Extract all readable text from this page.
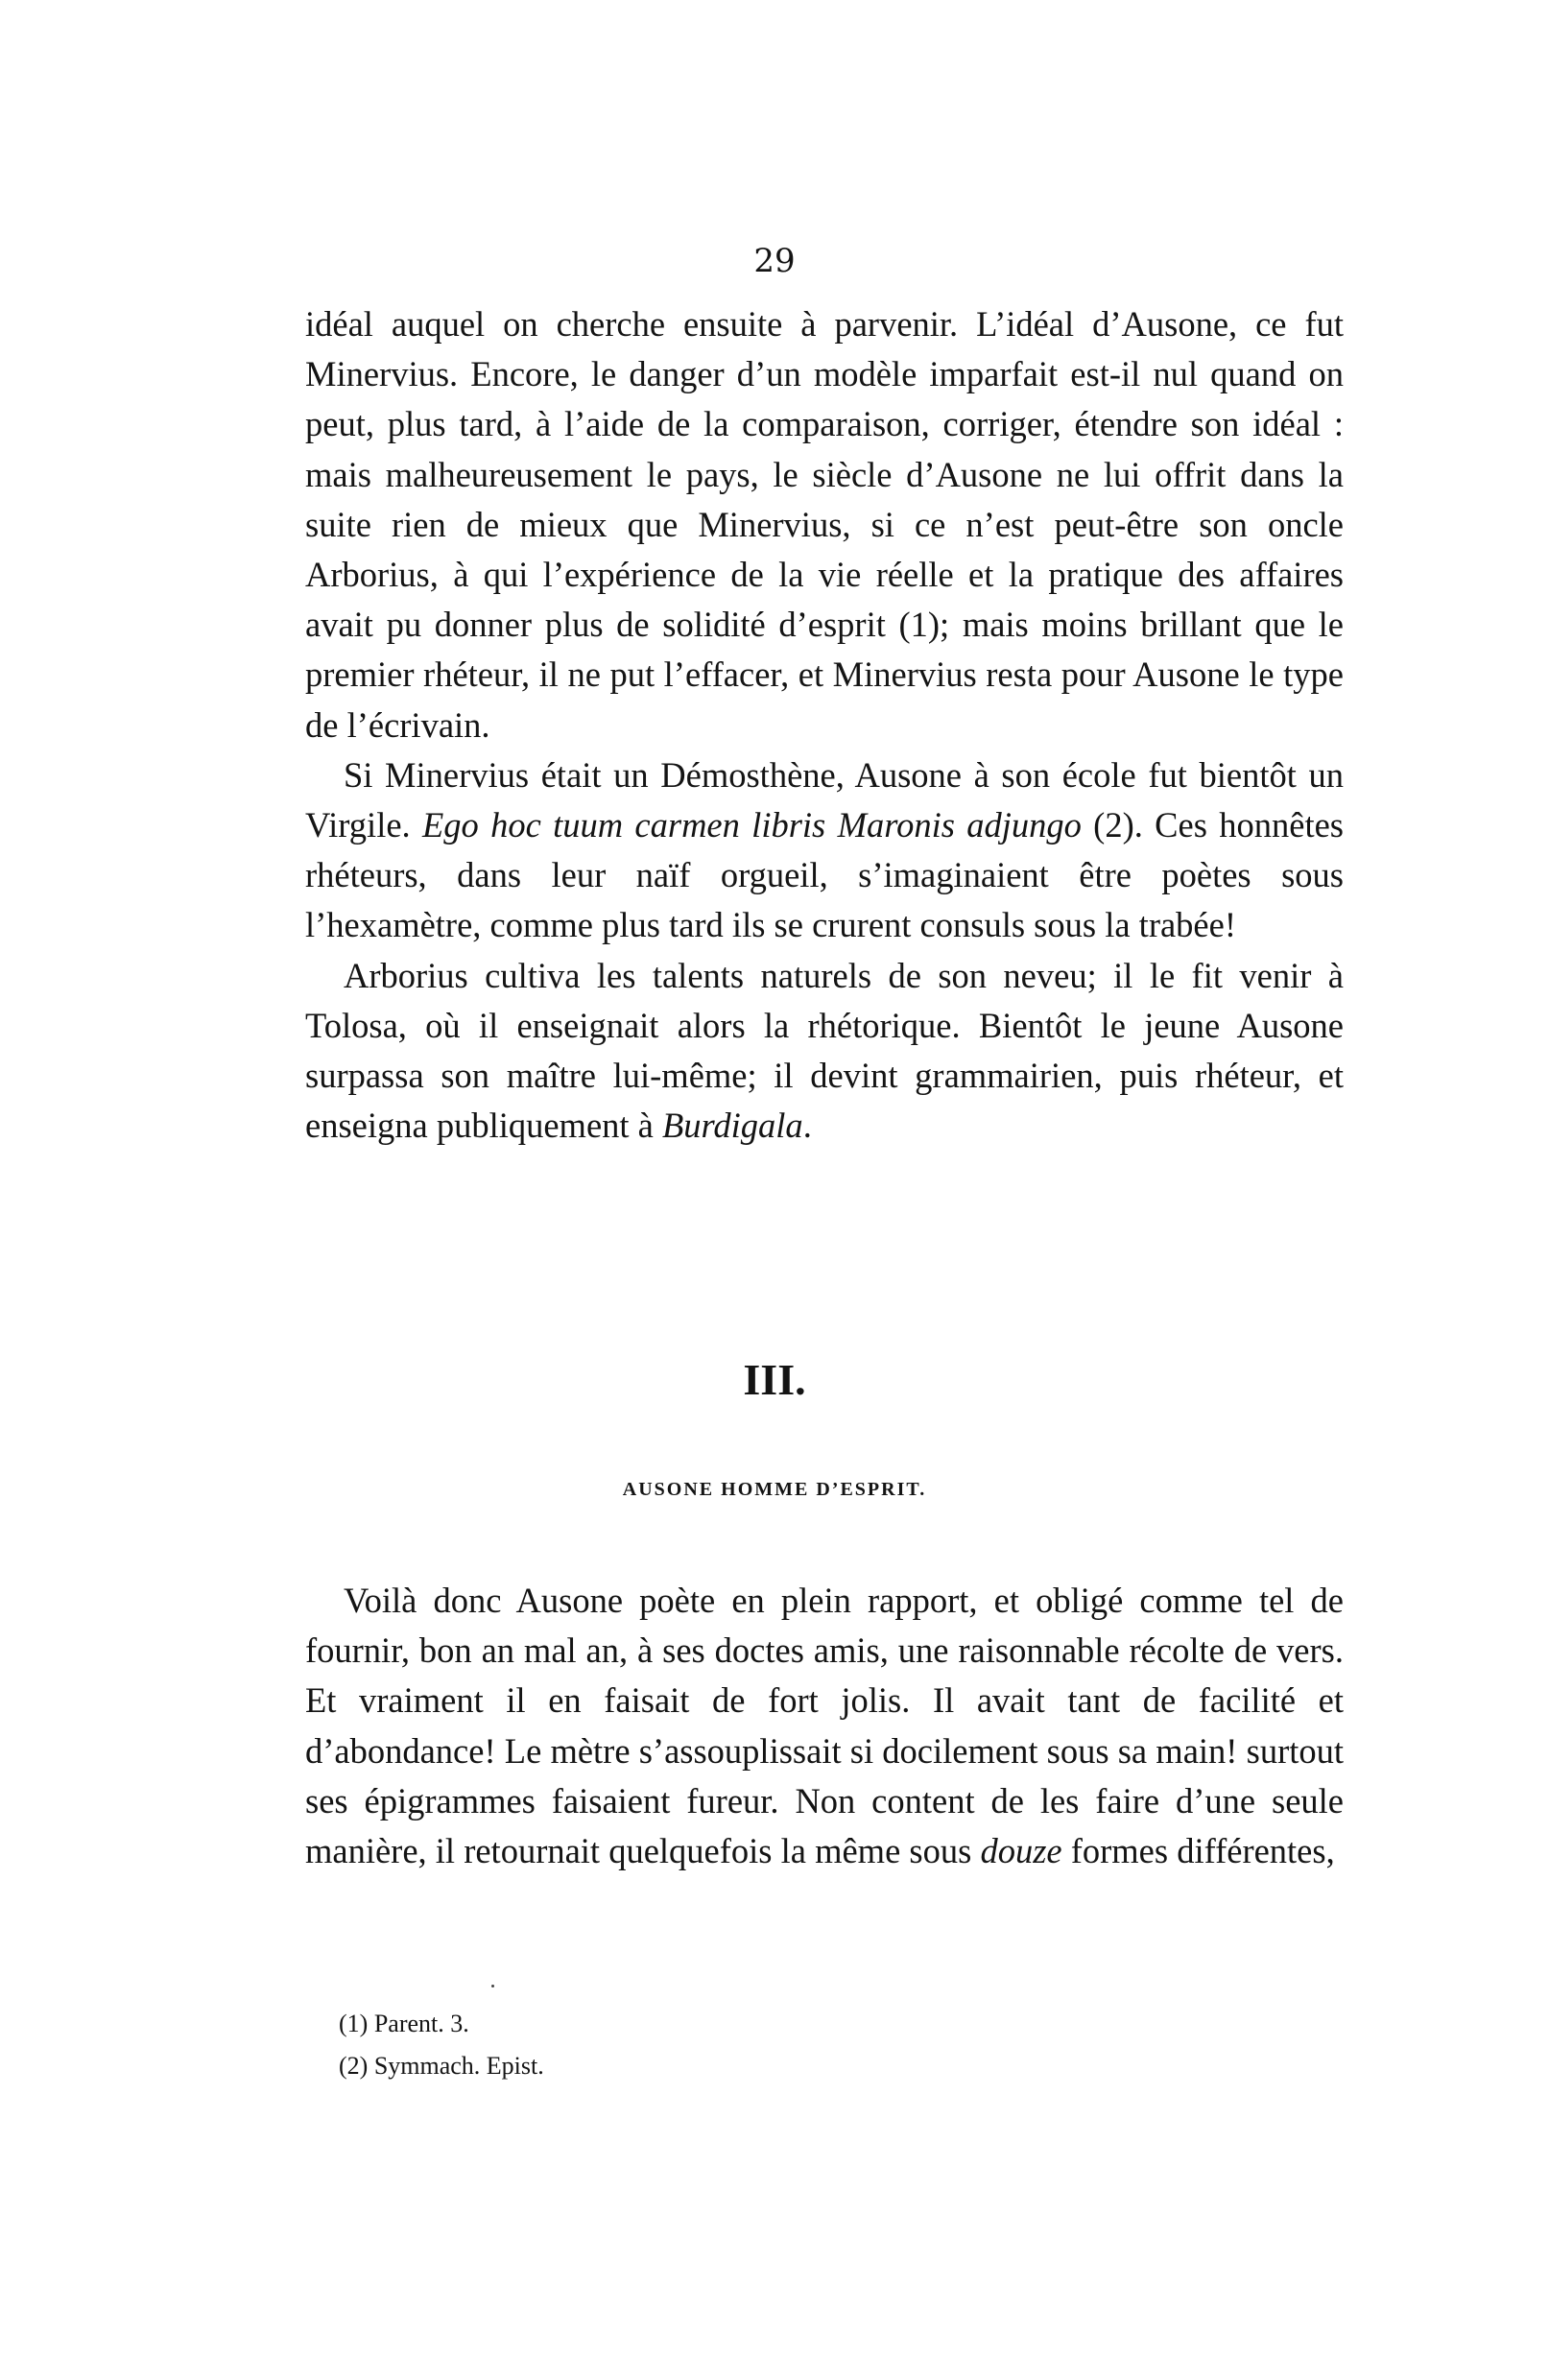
29

idéal auquel on cherche ensuite à parvenir. L’idéal d’Ausone, ce fut Minervius. Encore, le danger d’un modèle imparfait est-il nul quand on peut, plus tard, à l’aide de la comparaison, corriger, étendre son idéal : mais malheureusement le pays, le siècle d’Ausone ne lui offrit dans la suite rien de mieux que Minervius, si ce n’est peut-être son oncle Arborius, à qui l’expérience de la vie réelle et la pratique des affaires avait pu donner plus de solidité d’esprit (1); mais moins brillant que le premier rhéteur, il ne put l’effacer, et Minervius resta pour Ausone le type de l’écrivain.

Si Minervius était un Démosthène, Ausone à son école fut bientôt un Virgile. Ego hoc tuum carmen libris Maronis adjungo (2). Ces honnêtes rhéteurs, dans leur naïf orgueil, s’imaginaient être poètes sous l’hexamètre, comme plus tard ils se crurent consuls sous la trabée!

Arborius cultiva les talents naturels de son neveu; il le fit venir à Tolosa, où il enseignait alors la rhétorique. Bientôt le jeune Ausone surpassa son maître lui-même; il devint grammairien, puis rhéteur, et enseigna publiquement à Burdigala.

III.
AUSONE HOMME D’ESPRIT.

Voilà donc Ausone poète en plein rapport, et obligé comme tel de fournir, bon an mal an, à ses doctes amis, une raisonnable récolte de vers. Et vraiment il en faisait de fort jolis. Il avait tant de facilité et d’abondance! Le mètre s’assouplissait si docilement sous sa main! surtout ses épigrammes faisaient fureur. Non content de les faire d’une seule manière, il retournait quelquefois la même sous douze formes différentes,

(1) Parent. 3.

(2) Symmach. Epist.
